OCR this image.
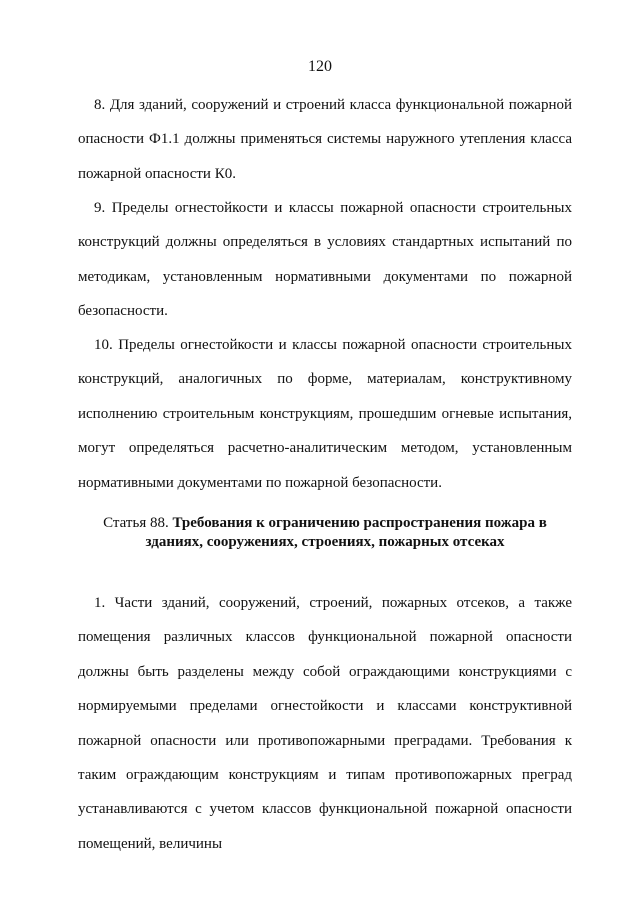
120

8. Для зданий, сооружений и строений класса функциональной пожарной опасности Ф1.1 должны применяться системы наружного утепления класса пожарной опасности К0.

9. Пределы огнестойкости и классы пожарной опасности строительных конструкций должны определяться в условиях стандартных испытаний по методикам, установленным нормативными документами по пожарной безопасности.

10. Пределы огнестойкости и классы пожарной опасности строительных конструкций, аналогичных по форме, материалам, конструктивному исполнению строительным конструкциям, прошедшим огневые испытания, могут определяться расчетно-аналитическим методом, установленным нормативными документами по пожарной безопасности.

Статья 88. Требования к ограничению распространения пожара в
зданиях, сооружениях, строениях, пожарных отсеках

1. Части зданий, сооружений, строений, пожарных отсеков, а также помещения различных классов функциональной пожарной опасности должны быть разделены между собой ограждающими конструкциями с нормируемыми пределами огнестойкости и классами конструктивной пожарной опасности или противопожарными преградами. Требования к таким ограждающим конструкциям и типам противопожарных преград устанавливаются с учетом классов функциональной пожарной опасности помещений, величины
